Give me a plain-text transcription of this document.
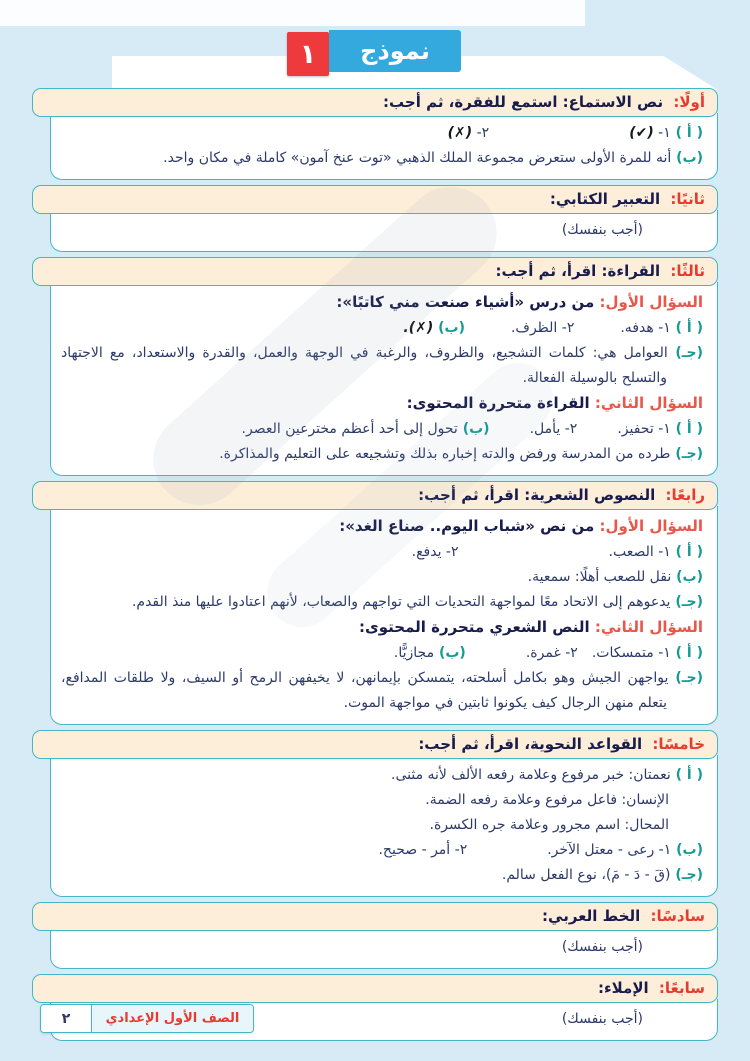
١ نموذج
أولًا: نص الاستماع: استمع للفقرة، ثم أجب:
( أ ) ١- (✔)٢- (✗)
(ب) أنه للمرة الأولى ستعرض مجموعة الملك الذهبي «توت عنخ آمون» كاملة في مكان واحد.
ثانيًا: التعبير الكتابي:
(أجب بنفسك)
ثالثًا: القراءة: اقرأ، ثم أجب:
السؤال الأول: من درس «أشياء صنعت مني كاتبًا»:
( أ ) ١- هدفه.٢- الظرف.(ب) (✗).
(جـ) العوامل هي: كلمات التشجيع، والظروف، والرغبة في الوجهة والعمل، والقدرة والاستعداد، مع الاجتهاد والتسلح بالوسيلة الفعالة.
السؤال الثاني: القراءة متحررة المحتوى:
( أ ) ١- تحفيز.٢- يأمل.(ب) تحول إلى أحد أعظم مخترعين العصر.
(جـ) طرده من المدرسة ورفض والدته إخباره بذلك وتشجيعه على التعليم والمذاكرة.
رابعًا: النصوص الشعرية: اقرأ، ثم أجب:
السؤال الأول: من نص «شباب اليوم.. صناع الغد»:
( أ ) ١- الصعب.٢- يدفع.
(ب) نقل للصعب أهلًا: سمعية.
(جـ) يدعوهم إلى الاتحاد معًا لمواجهة التحديات التي تواجهم والصعاب، لأنهم اعتادوا عليها منذ القدم.
السؤال الثاني: النص الشعري متحررة المحتوى:
( أ ) ١- متمسكات.٢- غمرة.(ب) مجازيًّا.
(جـ) يواجهن الجيش وهو بكامل أسلحته، يتمسكن بإيمانهن، لا يخيفهن الرمح أو السيف، ولا طلقات المدافع، يتعلم منهن الرجال كيف يكونوا ثابتين في مواجهة الموت.
خامسًا: القواعد النحوية، اقرأ، ثم أجب:
( أ ) نعمتان: خبر مرفوع وعلامة رفعه الألف لأنه مثنى.
الإنسان: فاعل مرفوع وعلامة رفعه الضمة.
المحال: اسم مجرور وعلامة جره الكسرة.
(ب) ١- رعى - معتل الآخر.٢- أمر - صحيح.
(جـ) (قَ - دَ - مَ)، نوع الفعل سالم.
سادسًا: الخط العربي:
(أجب بنفسك)
سابعًا: الإملاء:
(أجب بنفسك)
الصف الأول الإعدادي
٢
